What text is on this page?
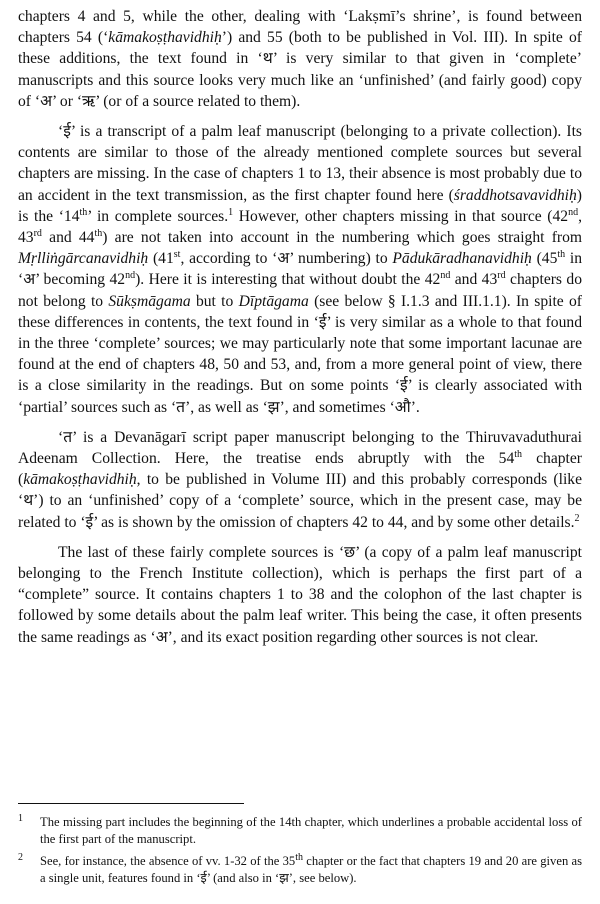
chapters 4 and 5, while the other, dealing with ‘Lakṣmī’s shrine’, is found between chapters 54 (‘kāmakoṣṭhavidhiḥ’) and 55 (both to be published in Vol. III). In spite of these additions, the text found in ‘थ’ is very similar to that given in ‘complete’ manuscripts and this source looks very much like an ‘unfinished’ (and fairly good) copy of ‘अ’ or ‘ऋ’ (or of a source related to them).

‘ई’ is a transcript of a palm leaf manuscript (belonging to a private collection). Its contents are similar to those of the already mentioned complete sources but several chapters are missing. In the case of chapters 1 to 13, their absence is most probably due to an accident in the text transmission, as the first chapter found here (śraddhotsavavidhiḥ) is the ‘14th’ in complete sources.$^1$ However, other chapters missing in that source (42nd, 43rd and 44th) are not taken into account in the numbering which goes straight from Mṛlliṅgārcanavidhiḥ (41st, according to ‘अ’ numbering) to Pādukāradhanavidhiḥ (45th in ‘अ’ becoming 42nd). Here it is interesting that without doubt the 42nd and 43rd chapters do not belong to Sūkṣmāgama but to Dīptāgama (see below § I.1.3 and III.1.1). In spite of these differences in contents, the text found in ‘ई’ is very similar as a whole to that found in the three ‘complete’ sources; we may particularly note that some important lacunae are found at the end of chapters 48, 50 and 53, and, from a more general point of view, there is a close similarity in the readings. But on some points ‘ई’ is clearly associated with ‘partial’ sources such as ‘त’, as well as ‘झ’, and sometimes ‘औ’.

‘त’ is a Devanāgarī script paper manuscript belonging to the Thiruvavaduthurai Adeenam Collection. Here, the treatise ends abruptly with the 54th chapter (kāmakoṣṭhavidhiḥ, to be published in Volume III) and this probably corresponds (like ‘थ’) to an ‘unfinished’ copy of a ‘complete’ source, which in the present case, may be related to ‘ई’ as is shown by the omission of chapters 42 to 44, and by some other details.$^2$

The last of these fairly complete sources is ‘छ’ (a copy of a palm leaf manuscript belonging to the French Institute collection), which is perhaps the first part of a “complete” source. It contains chapters 1 to 38 and the colophon of the last chapter is followed by some details about the palm leaf writer. This being the case, it often presents the same readings as ‘अ’, and its exact position regarding other sources is not clear.

1 The missing part includes the beginning of the 14th chapter, which underlines a probable accidental loss of the first part of the manuscript.

2 See, for instance, the absence of vv. 1-32 of the 35th chapter or the fact that chapters 19 and 20 are given as a single unit, features found in ‘ई’ (and also in ‘झ’, see below).
